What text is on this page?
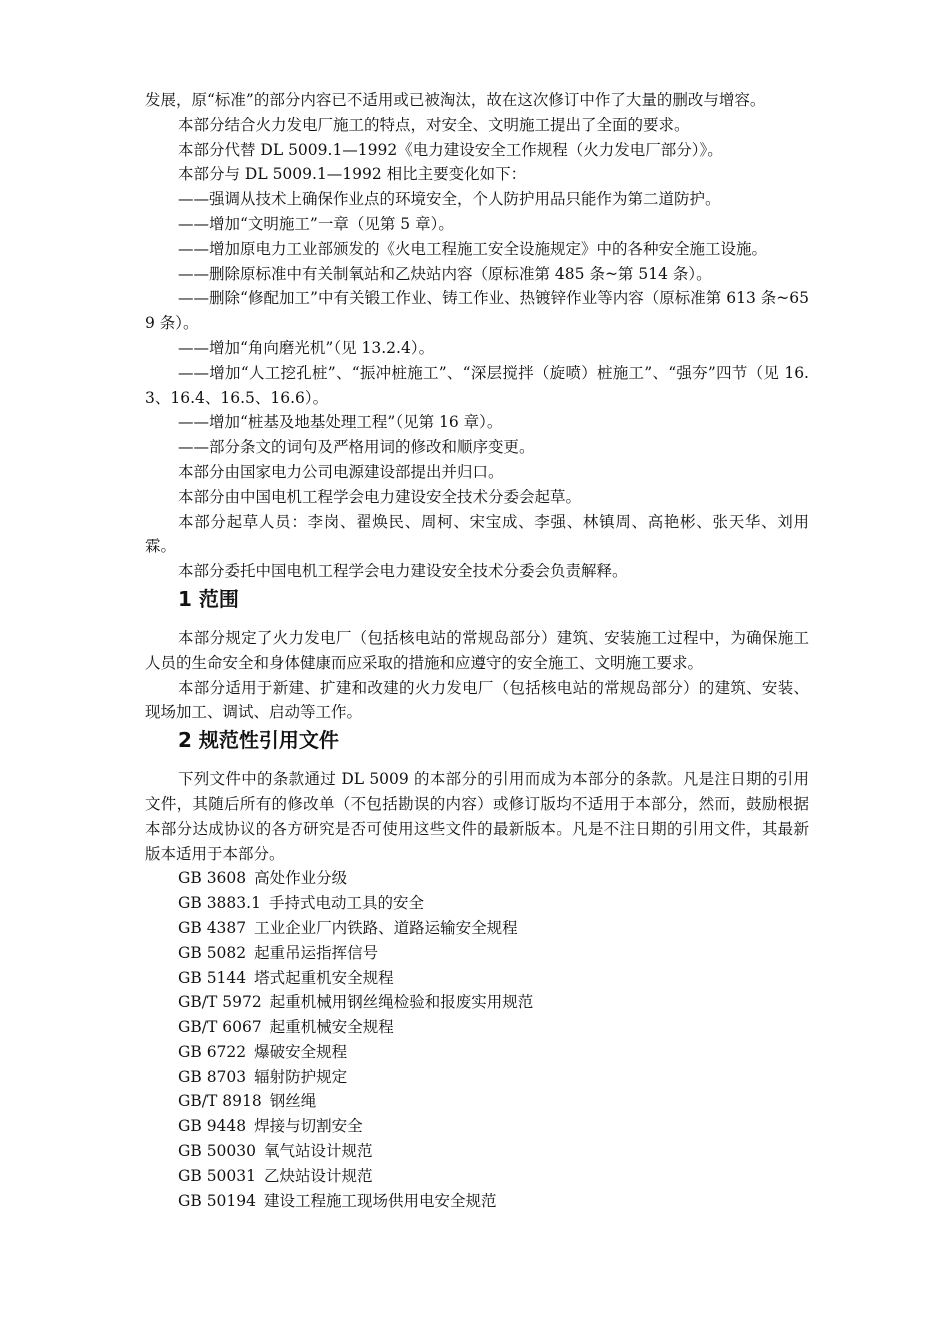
发展，原“标准”的部分内容已不适用或已被淘汰，故在这次修订中作了大量的删改与增容。

本部分结合火力发电厂施工的特点，对安全、文明施工提出了全面的要求。

本部分代替 DL 5009.1—1992《电力建设安全工作规程（火力发电厂部分）》。

本部分与 DL 5009.1—1992 相比主要变化如下：

——强调从技术上确保作业点的环境安全，个人防护用品只能作为第二道防护。

——增加“文明施工”一章（见第 5 章）。

——增加原电力工业部颁发的《火电工程施工安全设施规定》中的各种安全施工设施。

——删除原标准中有关制氧站和乙炔站内容（原标准第 485 条~第 514 条）。

——删除“修配加工”中有关锻工作业、铸工作业、热镀锌作业等内容（原标准第 613 条~659 条）。

——增加“角向磨光机”（见 13.2.4）。

——增加“人工挖孔桩”、“振冲桩施工”、“深层搅拌（旋喷）桩施工”、“强夯”四节（见 16.3、16.4、16.5、16.6）。

——增加“桩基及地基处理工程”（见第 16 章）。

——部分条文的词句及严格用词的修改和顺序变更。

本部分由国家电力公司电源建设部提出并归口。

本部分由中国电机工程学会电力建设安全技术分委会起草。

本部分起草人员：李岗、翟焕民、周柯、宋宝成、李强、林镇周、高艳彬、张天华、刘用霖。

本部分委托中国电机工程学会电力建设安全技术分委会负责解释。

1 范围

本部分规定了火力发电厂（包括核电站的常规岛部分）建筑、安装施工过程中，为确保施工人员的生命安全和身体健康而应采取的措施和应遵守的安全施工、文明施工要求。

本部分适用于新建、扩建和改建的火力发电厂（包括核电站的常规岛部分）的建筑、安装、现场加工、调试、启动等工作。

2 规范性引用文件

下列文件中的条款通过 DL 5009 的本部分的引用而成为本部分的条款。凡是注日期的引用文件，其随后所有的修改单（不包括勘误的内容）或修订版均不适用于本部分，然而，鼓励根据本部分达成协议的各方研究是否可使用这些文件的最新版本。凡是不注日期的引用文件，其最新版本适用于本部分。

GB 3608 高处作业分级
GB 3883.1 手持式电动工具的安全
GB 4387 工业企业厂内铁路、道路运输安全规程
GB 5082 起重吊运指挥信号
GB 5144 塔式起重机安全规程
GB/T 5972 起重机械用钢丝绳检验和报废实用规范
GB/T 6067 起重机械安全规程
GB 6722 爆破安全规程
GB 8703 辐射防护规定
GB/T 8918 钢丝绳
GB 9448 焊接与切割安全
GB 50030 氧气站设计规范
GB 50031 乙炔站设计规范
GB 50194 建设工程施工现场供用电安全规范
